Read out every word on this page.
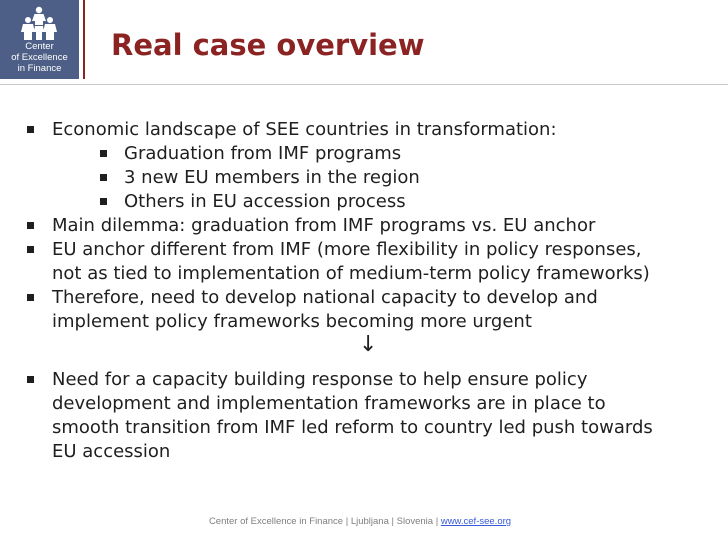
Center
of Excellence
in Finance
Real case overview
Economic landscape of SEE countries in transformation:
Graduation from IMF programs
3 new EU members in the region
Others in EU accession process
Main dilemma: graduation from IMF programs vs. EU anchor
EU anchor different from IMF (more flexibility in policy responses,
not as tied to implementation of medium-term policy frameworks)
Therefore, need to develop national capacity to develop and
implement policy frameworks becoming more urgent
↓
Need for a capacity building response to help ensure policy
development and implementation frameworks are in place to
smooth transition from IMF led reform to country led push towards
EU accession
Center of Excellence in Finance | Ljubljana | Slovenia | www.cef-see.org
